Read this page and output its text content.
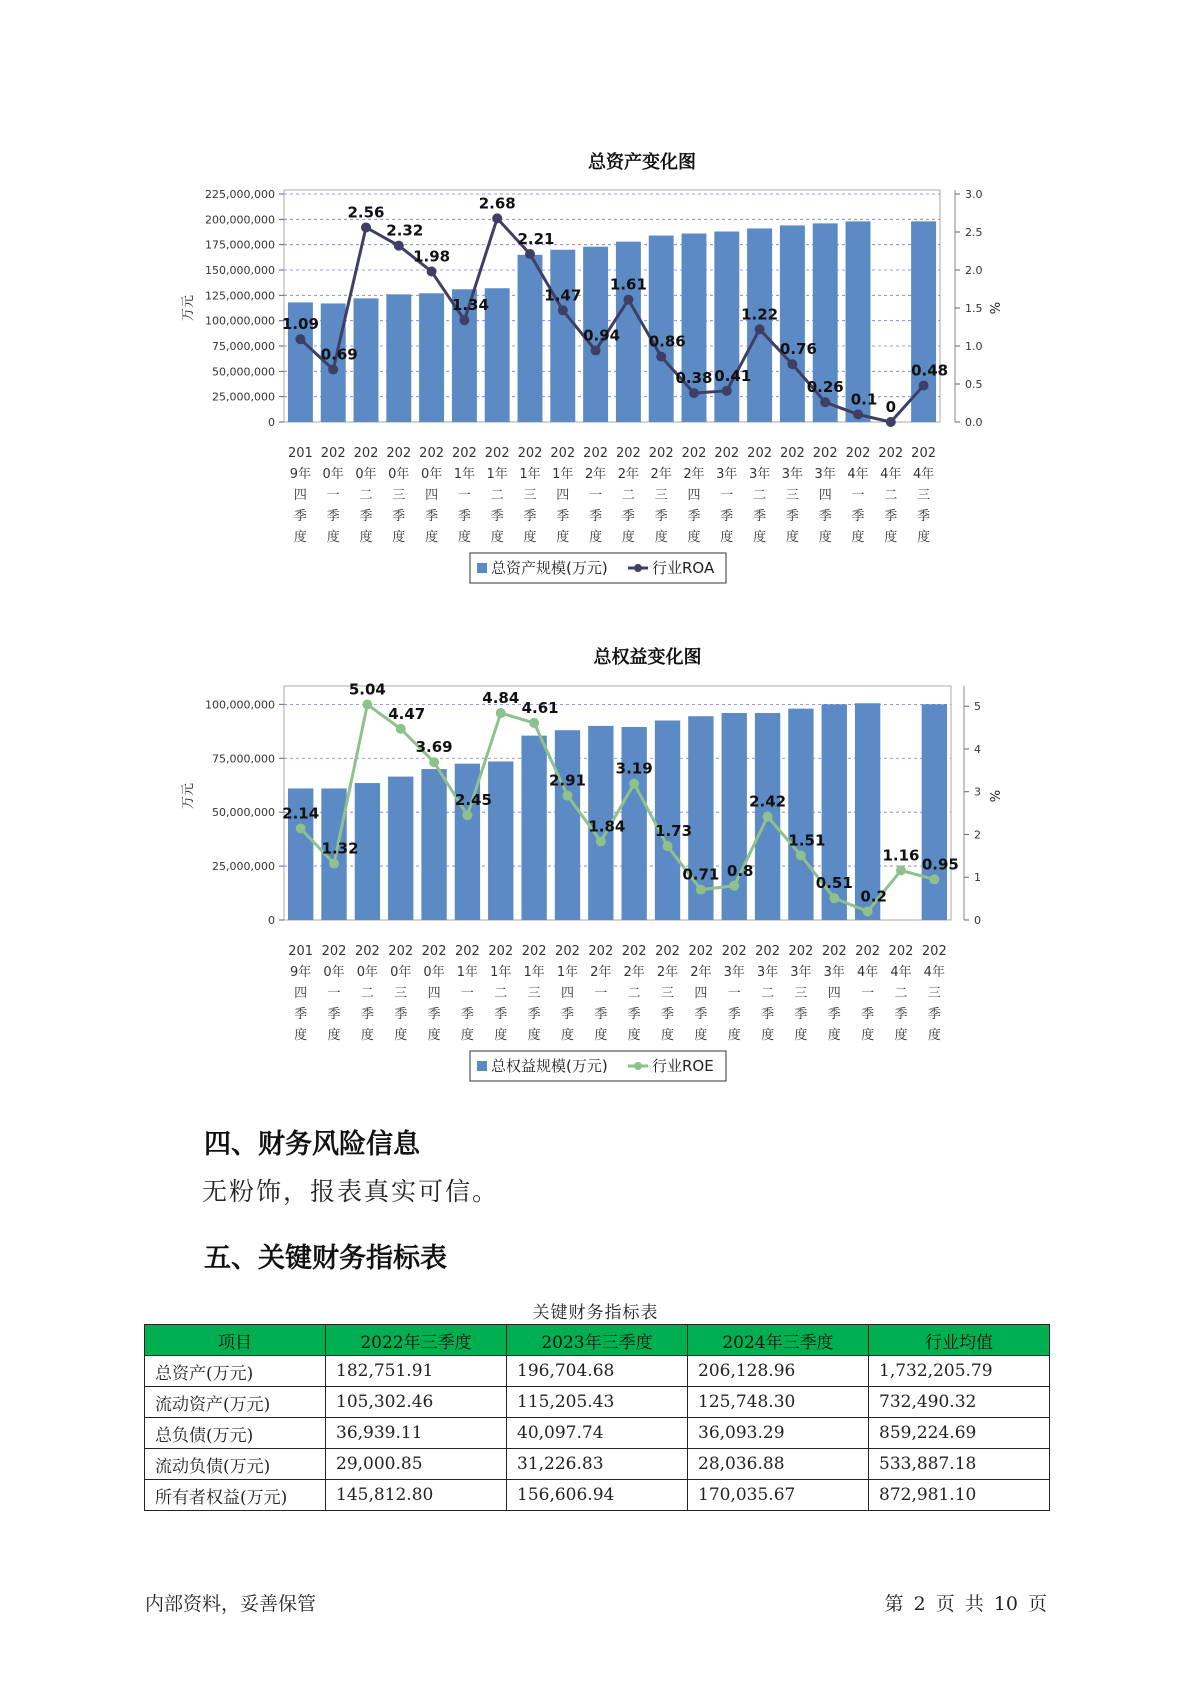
总资产变化图
225,000,000
200,000,000
175,000,000
150,000,000
125,000,000
100,000,000
75,000,000
50,000,000
25,000,000
0
万元
3.0
2.5
2.0
1.5
1.0
0.5
0.0
%
201 9年四季度
202 0年一季度
202 0年二季度
202 0年三季度
202 0年四季度
202 1年一季度
202 1年二季度
202 1年三季度
202 1年四季度
202 2年一季度
202 2年二季度
202 2年三季度
202 2年四季度
202 3年一季度
202 3年二季度
202 3年三季度
202 3年四季度
202 4年一季度
202 4年二季度
202 4年三季度
1.09
0.69
2.56
2.32
1.98
1.34
2.68
2.21
1.47
0.94
1.61
0.86
0.38 0.41
1.22
0.76
0.26
0.1 0
0.48
总资产规模(万元)	行业ROA
总权益变化图
100,000,000
75,000,000
50,000,000
25,000,000
0
万元
5
4
3
2
1
0
%
201 9年四季度
202 0年一季度
202 0年二季度
202 0年三季度
202 0年四季度
202 1年一季度
202 1年二季度
202 1年三季度
202 1年四季度
202 2年一季度
202 2年二季度
202 2年三季度
202 2年四季度
202 3年一季度
202 3年二季度
202 3年三季度
202 3年四季度
202 4年一季度
202 4年二季度
202 4年三季度
2.14
1.32
5.04
4.47
3.69
2.45
4.84
4.61
2.91
1.84
3.19
1.73
0.71 0.8
2.42
1.51
0.51
0.2
1.16 0.95
总权益规模(万元)	行业ROE
四、财务风险信息

无粉饰，报表真实可信。

五、关键财务指标表
关键财务指标表
项目	2022年三季度	2023年三季度	2024年三季度	行业均值
总资产(万元)	182,751.91	196,704.68	206,128.96	1,732,205.79
流动资产(万元)	105,302.46	115,205.43	125,748.30	732,490.32
总负债(万元)	36,939.11	40,097.74	36,093.29	859,224.69
流动负债(万元)	29,000.85	31,226.83	28,036.88	533,887.18
所有者权益(万元)	145,812.80	156,606.94	170,035.67	872,981.10
内部资料，妥善保管	第 2 页 共 10 页
